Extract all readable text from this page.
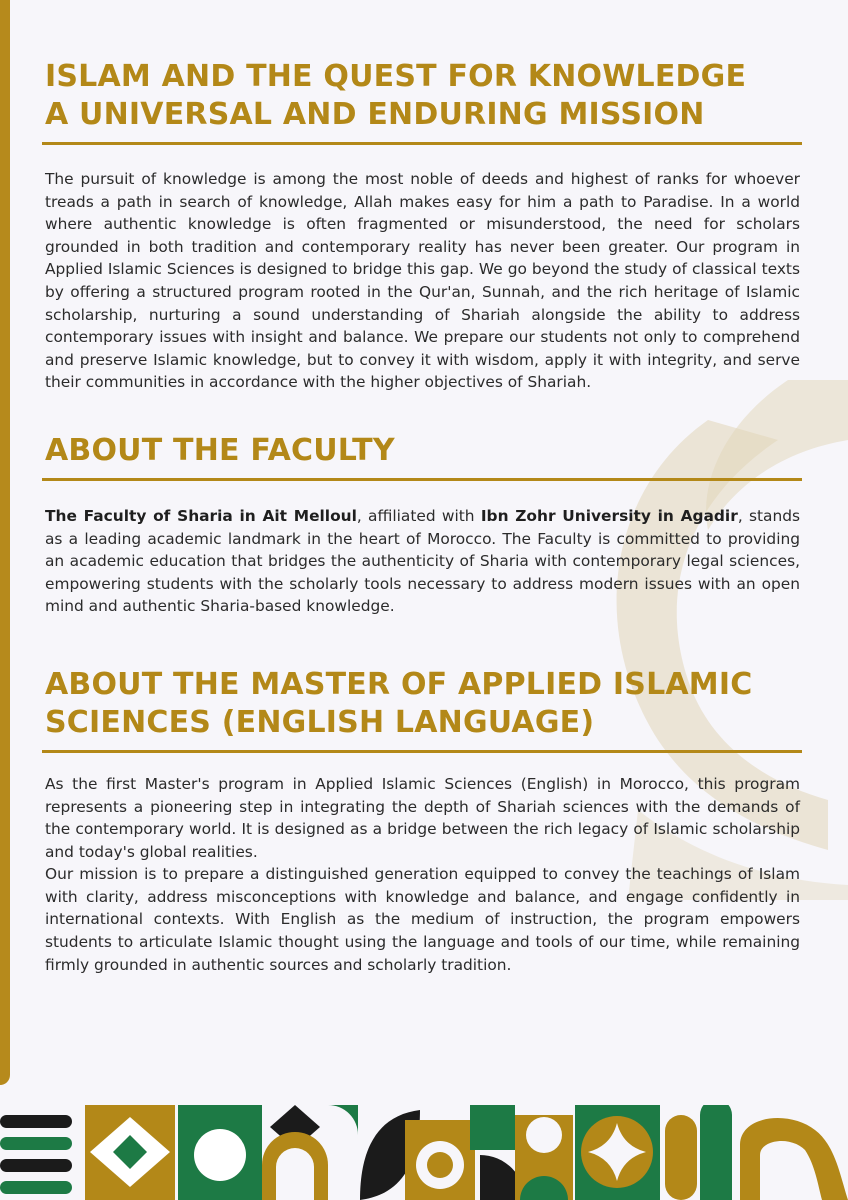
ISLAM AND THE QUEST FOR KNOWLEDGE
A UNIVERSAL AND ENDURING MISSION

The pursuit of knowledge is among the most noble of deeds and highest of ranks for whoever treads a path in search of knowledge, Allah makes easy for him a path to Paradise. In a world where authentic knowledge is often fragmented or misunderstood, the need for scholars grounded in both tradition and contemporary reality has never been greater. Our program in Applied Islamic Sciences is designed to bridge this gap. We go beyond the study of classical texts by offering a structured program rooted in the Qur'an, Sunnah, and the rich heritage of Islamic scholarship, nurturing a sound understanding of Shariah alongside the ability to address contemporary issues with insight and balance. We prepare our students not only to comprehend and preserve Islamic knowledge, but to convey it with wisdom, apply it with integrity, and serve their communities in accordance with the higher objectives of Shariah.

ABOUT THE FACULTY

The Faculty of Sharia in Ait Melloul, affiliated with Ibn Zohr University in Agadir, stands as a leading academic landmark in the heart of Morocco. The Faculty is committed to providing an academic education that bridges the authenticity of Sharia with contemporary legal sciences, empowering students with the scholarly tools necessary to address modern issues with an open mind and authentic Sharia-based knowledge.

ABOUT THE MASTER OF APPLIED ISLAMIC
SCIENCES (ENGLISH LANGUAGE)

As the first Master's program in Applied Islamic Sciences (English) in Morocco, this program represents a pioneering step in integrating the depth of Shariah sciences with the demands of the contemporary world. It is designed as a bridge between the rich legacy of Islamic scholarship and today's global realities.

Our mission is to prepare a distinguished generation equipped to convey the teachings of Islam with clarity, address misconceptions with knowledge and balance, and engage confidently in international contexts. With English as the medium of instruction, the program empowers students to articulate Islamic thought using the language and tools of our time, while remaining firmly grounded in authentic sources and scholarly tradition.
